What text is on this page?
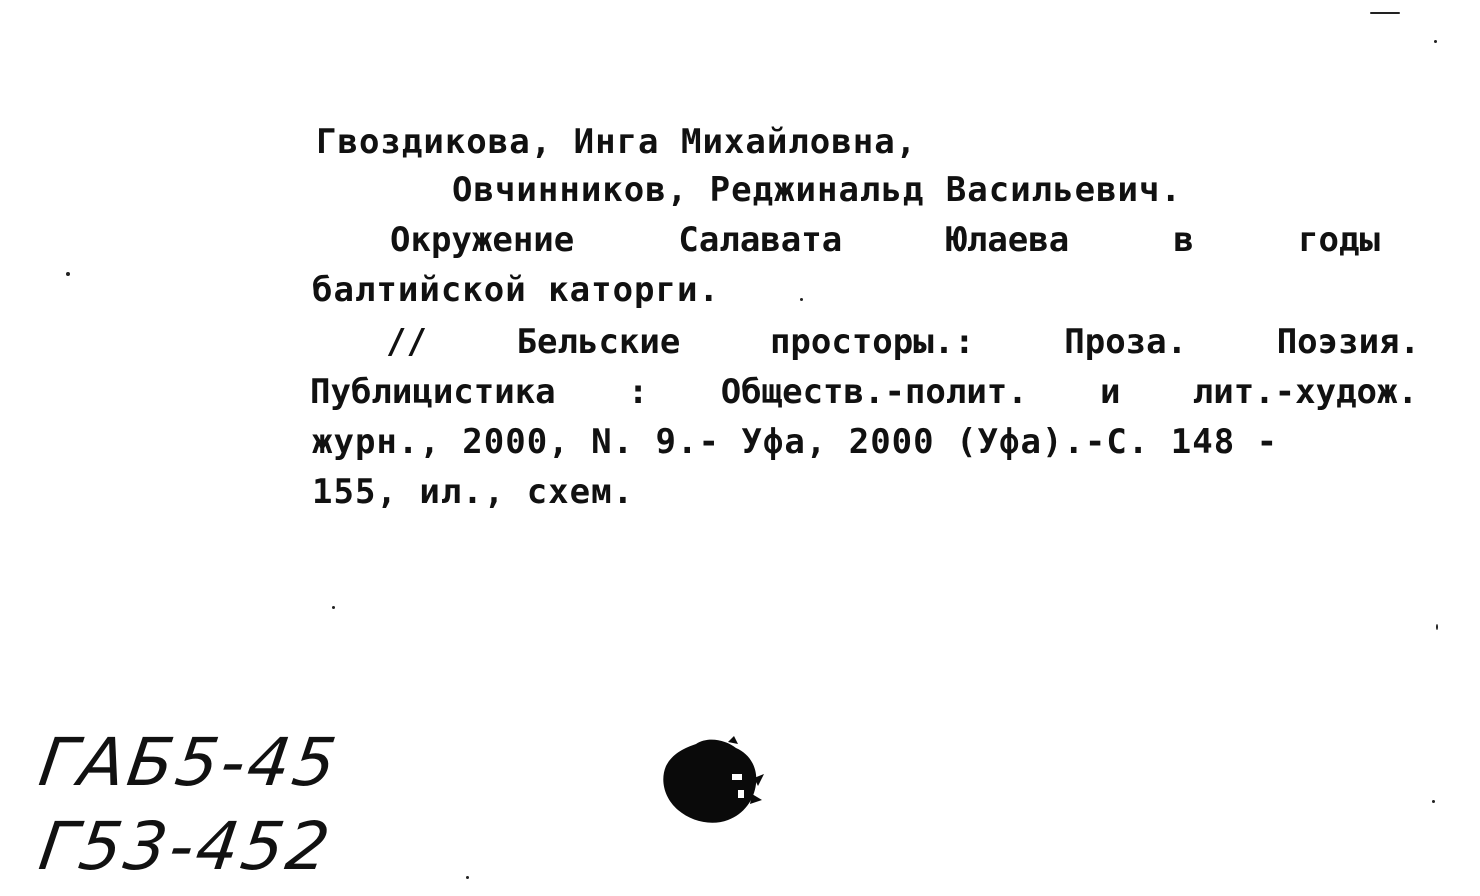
Гвоздикова, Инга Михайловна,
Овчинников, Реджинальд Васильевич.
Окружение	Салавата	Юлаева	в	годы
балтийской каторги.
//	Бельские	просторы.:	Проза.	Поэзия.
Публицистика : Обществ.-полит. и лит.-худож.
журн., 2000, N. 9.- Уфа, 2000 (Уфа).-С. 148 -
155, ил., схем.
ГАБ5-45
Г53-452
